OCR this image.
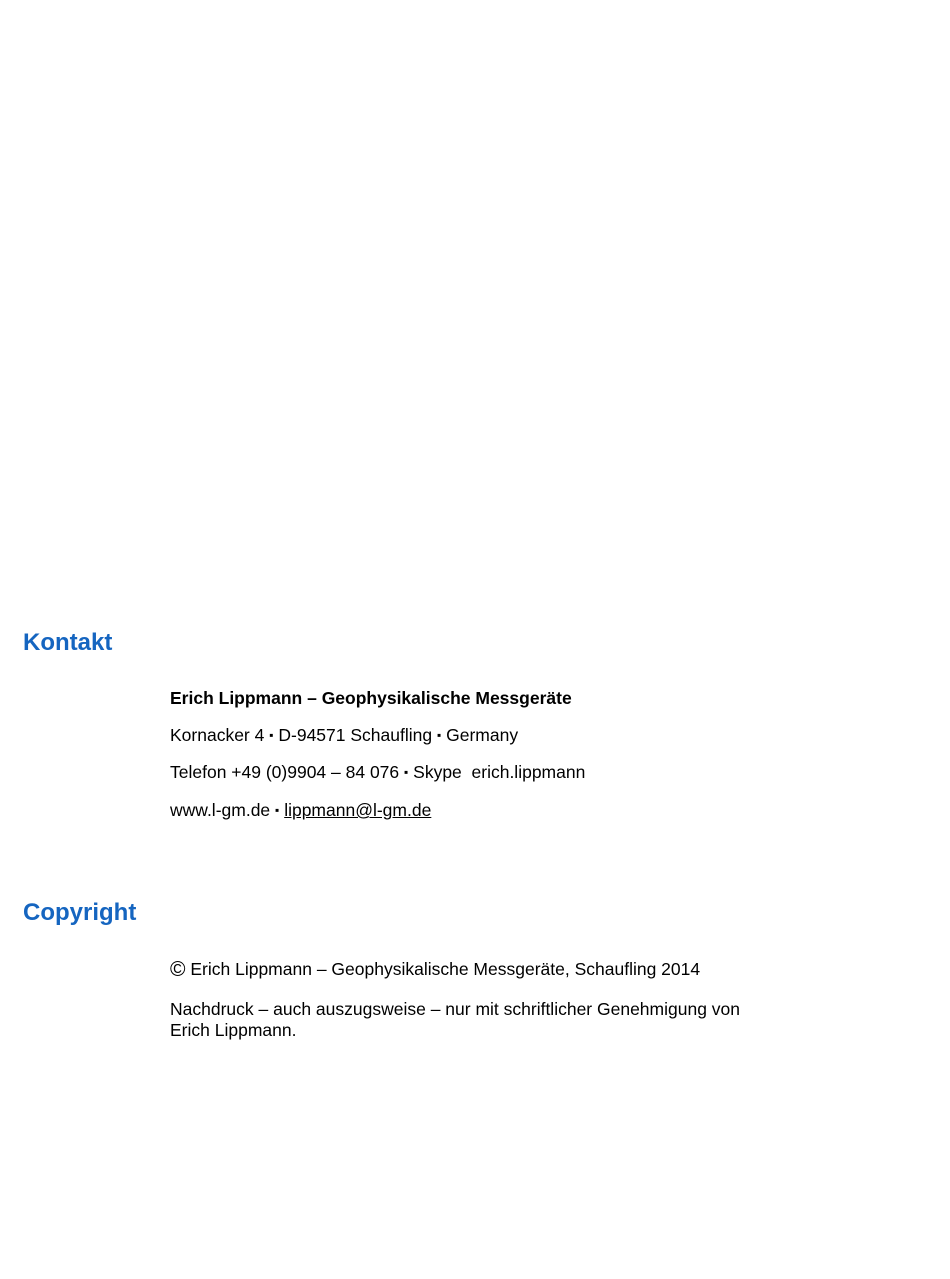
Kontakt
Erich Lippmann – Geophysikalische Messgeräte
Kornacker 4 ▪ D-94571 Schaufling ▪ Germany
Telefon +49 (0)9904 – 84 076 ▪ Skype  erich.lippmann
www.l-gm.de ▪ lippmann@l-gm.de
Copyright
© Erich Lippmann – Geophysikalische Messgeräte, Schaufling 2014
Nachdruck – auch auszugsweise – nur mit schriftlicher Genehmigung von Erich Lippmann.
